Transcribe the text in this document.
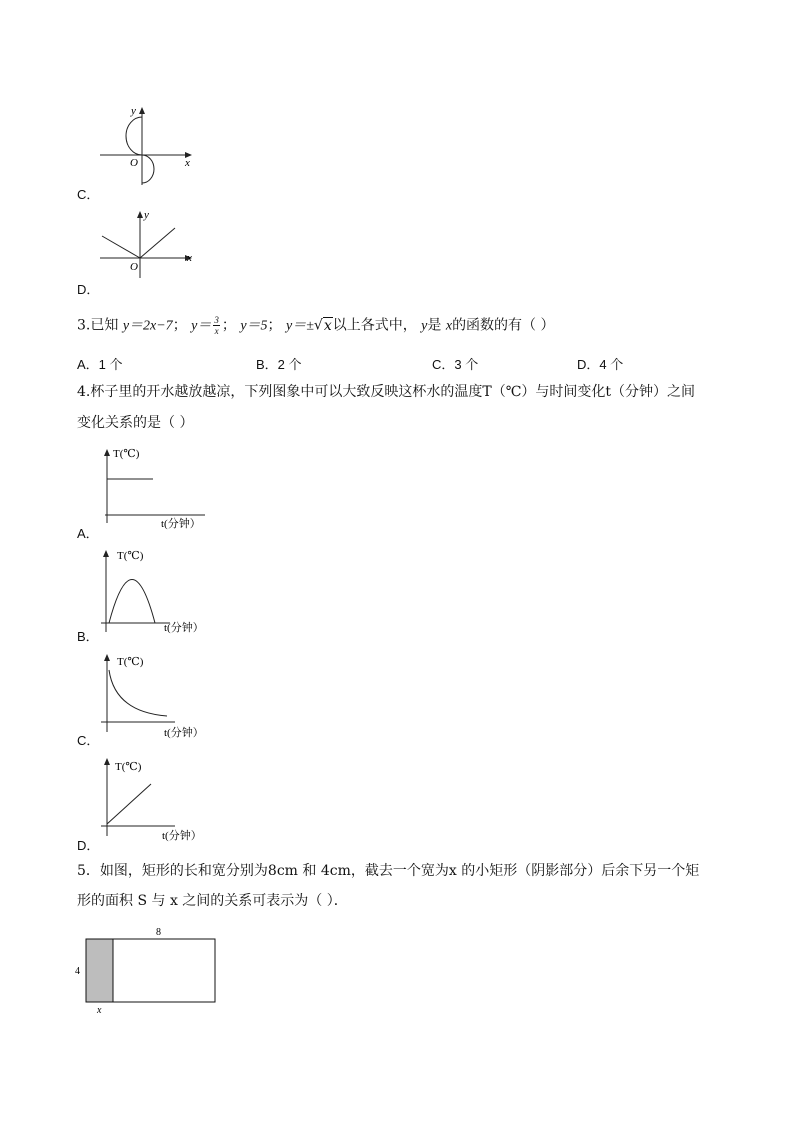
y
x
O
C．
y
x
O
D．
3.已知 y＝2x−7； $y= \frac{3}{x}$ ； y＝5； y＝±√x以上各式中， y是 x的函数的有（ ）
A．1 个	B．2 个	C．3 个	D．4 个
4.杯子里的开水越放越凉，下列图象中可以大致反映这杯水的温度T（℃）与时间变化t（分钟）之间
变化关系的是（ ）
T(℃)
t(分钟）
A．
T(℃)
t(分钟）
B．
T(℃)
t(分钟）
C．
T(℃)
t(分钟）
D．
5．如图，矩形的长和宽分别为8cm 和 4cm，截去一个宽为x 的小矩形（阴影部分）后余下另一个矩
形的面积 S 与 x 之间的关系可表示为（ ）．
8
4
x
